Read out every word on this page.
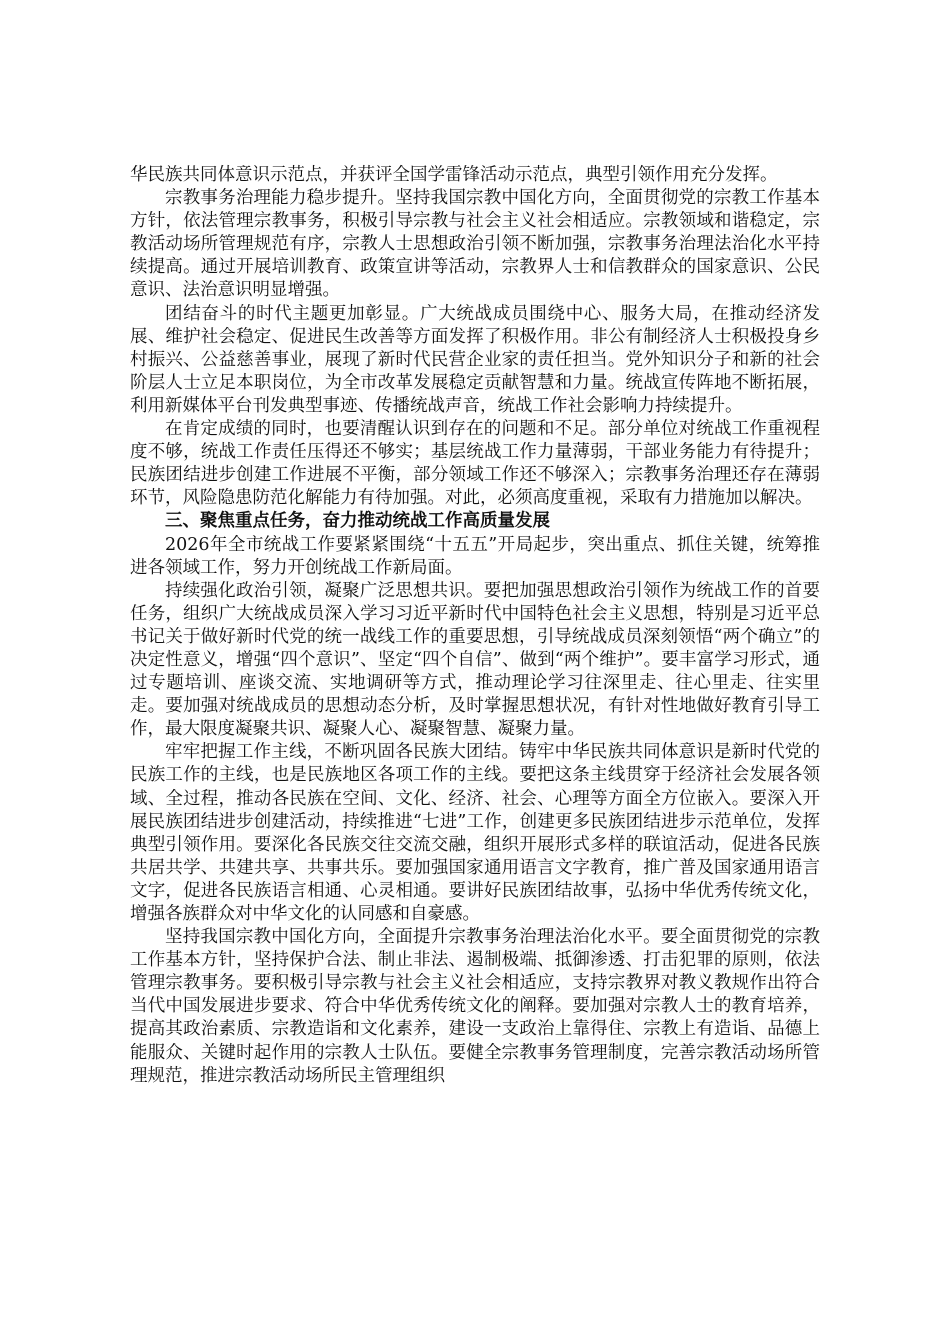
华民族共同体意识示范点，并获评全国学雷锋活动示范点，典型引领作用充分发挥。

宗教事务治理能力稳步提升。坚持我国宗教中国化方向，全面贯彻党的宗教工作基本方针，依法管理宗教事务，积极引导宗教与社会主义社会相适应。宗教领域和谐稳定，宗教活动场所管理规范有序，宗教人士思想政治引领不断加强，宗教事务治理法治化水平持续提高。通过开展培训教育、政策宣讲等活动，宗教界人士和信教群众的国家意识、公民意识、法治意识明显增强。

团结奋斗的时代主题更加彰显。广大统战成员围绕中心、服务大局，在推动经济发展、维护社会稳定、促进民生改善等方面发挥了积极作用。非公有制经济人士积极投身乡村振兴、公益慈善事业，展现了新时代民营企业家的责任担当。党外知识分子和新的社会阶层人士立足本职岗位，为全市改革发展稳定贡献智慧和力量。统战宣传阵地不断拓展，利用新媒体平台刊发典型事迹、传播统战声音，统战工作社会影响力持续提升。

在肯定成绩的同时，也要清醒认识到存在的问题和不足。部分单位对统战工作重视程度不够，统战工作责任压得还不够实；基层统战工作力量薄弱，干部业务能力有待提升；民族团结进步创建工作进展不平衡，部分领域工作还不够深入；宗教事务治理还存在薄弱环节，风险隐患防范化解能力有待加强。对此，必须高度重视，采取有力措施加以解决。

三、聚焦重点任务，奋力推动统战工作高质量发展

2026年全市统战工作要紧紧围绕“十五五”开局起步，突出重点、抓住关键，统筹推进各领域工作，努力开创统战工作新局面。

持续强化政治引领，凝聚广泛思想共识。要把加强思想政治引领作为统战工作的首要任务，组织广大统战成员深入学习习近平新时代中国特色社会主义思想，特别是习近平总书记关于做好新时代党的统一战线工作的重要思想，引导统战成员深刻领悟“两个确立”的决定性意义，增强“四个意识”、坚定“四个自信”、做到“两个维护”。要丰富学习形式，通过专题培训、座谈交流、实地调研等方式，推动理论学习往深里走、往心里走、往实里走。要加强对统战成员的思想动态分析，及时掌握思想状况，有针对性地做好教育引导工作，最大限度凝聚共识、凝聚人心、凝聚智慧、凝聚力量。

牢牢把握工作主线，不断巩固各民族大团结。铸牢中华民族共同体意识是新时代党的民族工作的主线，也是民族地区各项工作的主线。要把这条主线贯穿于经济社会发展各领域、全过程，推动各民族在空间、文化、经济、社会、心理等方面全方位嵌入。要深入开展民族团结进步创建活动，持续推进“七进”工作，创建更多民族团结进步示范单位，发挥典型引领作用。要深化各民族交往交流交融，组织开展形式多样的联谊活动，促进各民族共居共学、共建共享、共事共乐。要加强国家通用语言文字教育，推广普及国家通用语言文字，促进各民族语言相通、心灵相通。要讲好民族团结故事，弘扬中华优秀传统文化，增强各族群众对中华文化的认同感和自豪感。

坚持我国宗教中国化方向，全面提升宗教事务治理法治化水平。要全面贯彻党的宗教工作基本方针，坚持保护合法、制止非法、遏制极端、抵御渗透、打击犯罪的原则，依法管理宗教事务。要积极引导宗教与社会主义社会相适应，支持宗教界对教义教规作出符合当代中国发展进步要求、符合中华优秀传统文化的阐释。要加强对宗教人士的教育培养，提高其政治素质、宗教造诣和文化素养，建设一支政治上靠得住、宗教上有造诣、品德上能服众、关键时起作用的宗教人士队伍。要健全宗教事务管理制度，完善宗教活动场所管理规范，推进宗教活动场所民主管理组织
